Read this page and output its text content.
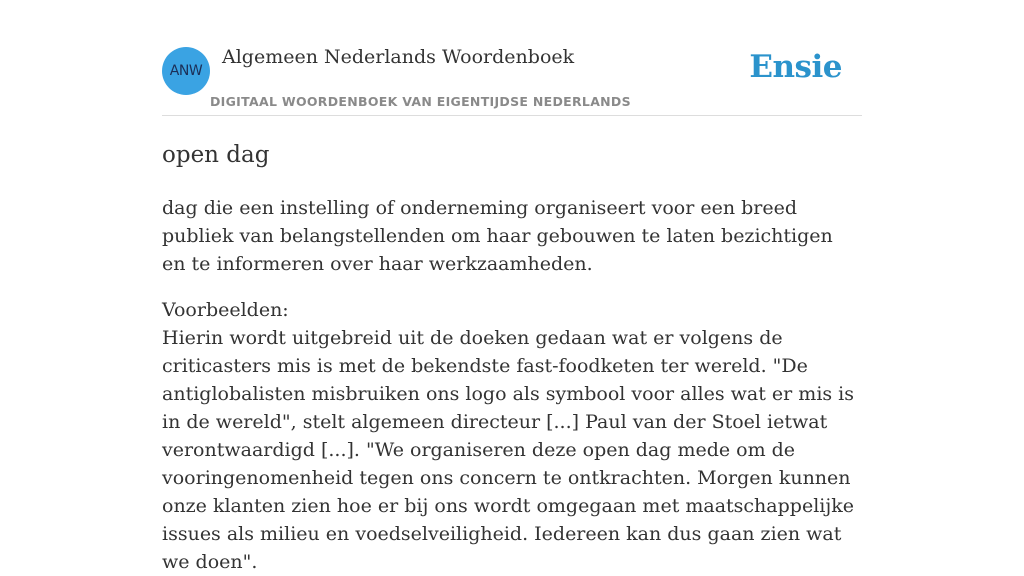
ANW
Algemeen Nederlands Woordenboek
DIGITAAL WOORDENBOEK VAN EIGENTIJDSE NEDERLANDS
Ensie
open dag

dag die een instelling of onderneming organiseert voor een breed publiek van belangstellenden om haar gebouwen te laten bezichtigen en te informeren over haar werkzaamheden.

Voorbeelden:

Hierin wordt uitgebreid uit de doeken gedaan wat er volgens de criticasters mis is met de bekendste fast-foodketen ter wereld. "De antiglobalisten misbruiken ons logo als symbool voor alles wat er mis is in de wereld", stelt algemeen directeur [...] Paul van der Stoel ietwat verontwaardigd [...]. "We organiseren deze open dag mede om de vooringenomenheid tegen ons concern te ontkrachten. Morgen kunnen onze klanten zien hoe er bij ons wordt omgegaan met maatschappelijke issues als milieu en voedselveiligheid. Iedereen kan dus gaan zien wat we doen".
